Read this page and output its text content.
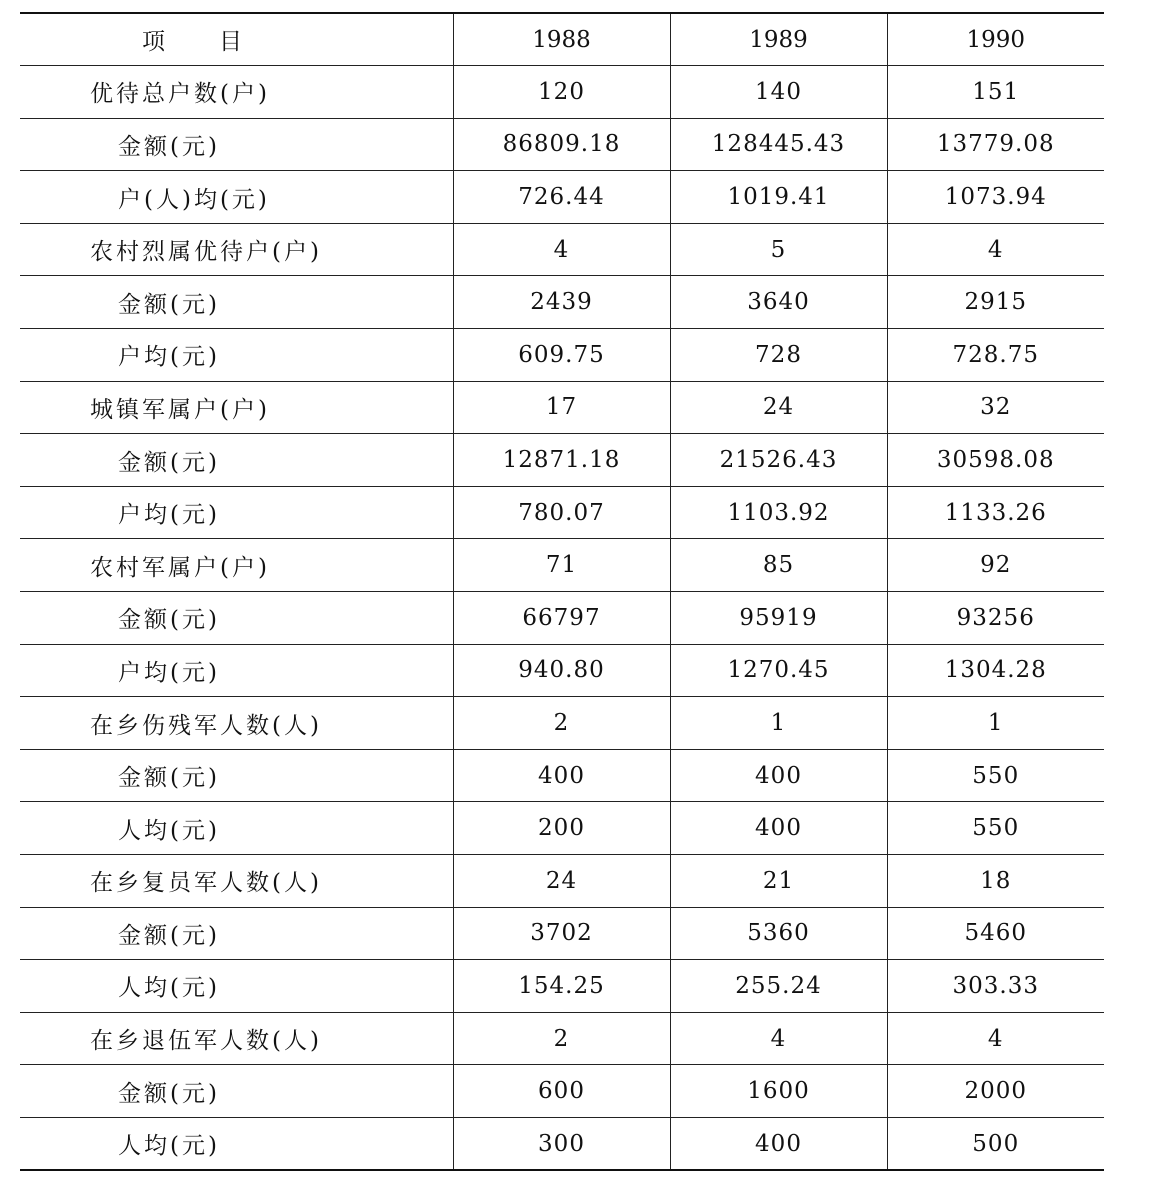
项 目	1988	1989	1990
优待总户数(户)	120	140	151
金额(元)	86809.18	128445.43	13779.08
户(人)均(元)	726.44	1019.41	1073.94
农村烈属优待户(户)	4	5	4
金额(元)	2439	3640	2915
户均(元)	609.75	728	728.75
城镇军属户(户)	17	24	32
金额(元)	12871.18	21526.43	30598.08
户均(元)	780.07	1103.92	1133.26
农村军属户(户)	71	85	92
金额(元)	66797	95919	93256
户均(元)	940.80	1270.45	1304.28
在乡伤残军人数(人)	2	1	1
金额(元)	400	400	550
人均(元)	200	400	550
在乡复员军人数(人)	24	21	18
金额(元)	3702	5360	5460
人均(元)	154.25	255.24	303.33
在乡退伍军人数(人)	2	4	4
金额(元)	600	1600	2000
人均(元)	300	400	500
